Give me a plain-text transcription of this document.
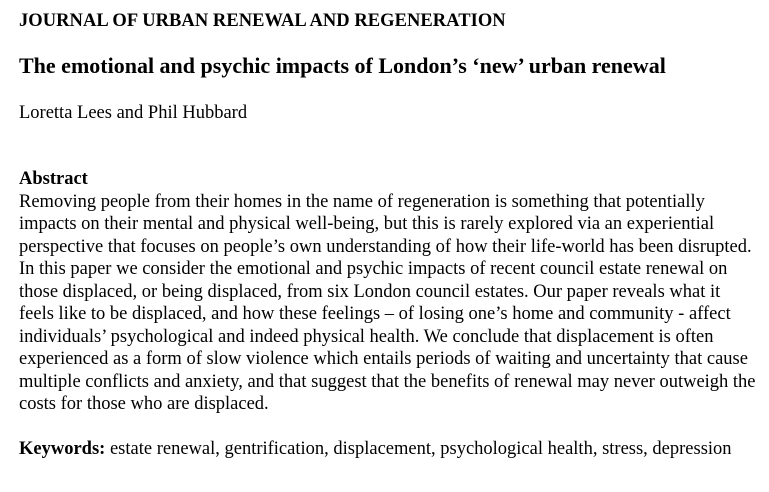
JOURNAL OF URBAN RENEWAL AND REGENERATION

The emotional and psychic impacts of London’s ‘new’ urban renewal

Loretta Lees and Phil Hubbard

Abstract

Removing people from their homes in the name of regeneration is something that potentially impacts on their mental and physical well-being, but this is rarely explored via an experiential perspective that focuses on people’s own understanding of how their life-world has been disrupted. In this paper we consider the emotional and psychic impacts of recent council estate renewal on those displaced, or being displaced, from six London council estates. Our paper reveals what it feels like to be displaced, and how these feelings – of losing one’s home and community - affect individuals’ psychological and indeed physical health. We conclude that displacement is often experienced as a form of slow violence which entails periods of waiting and uncertainty that cause multiple conflicts and anxiety, and that suggest that the benefits of renewal may never outweigh the costs for those who are displaced.

Keywords: estate renewal, gentrification, displacement, psychological health, stress, depression
